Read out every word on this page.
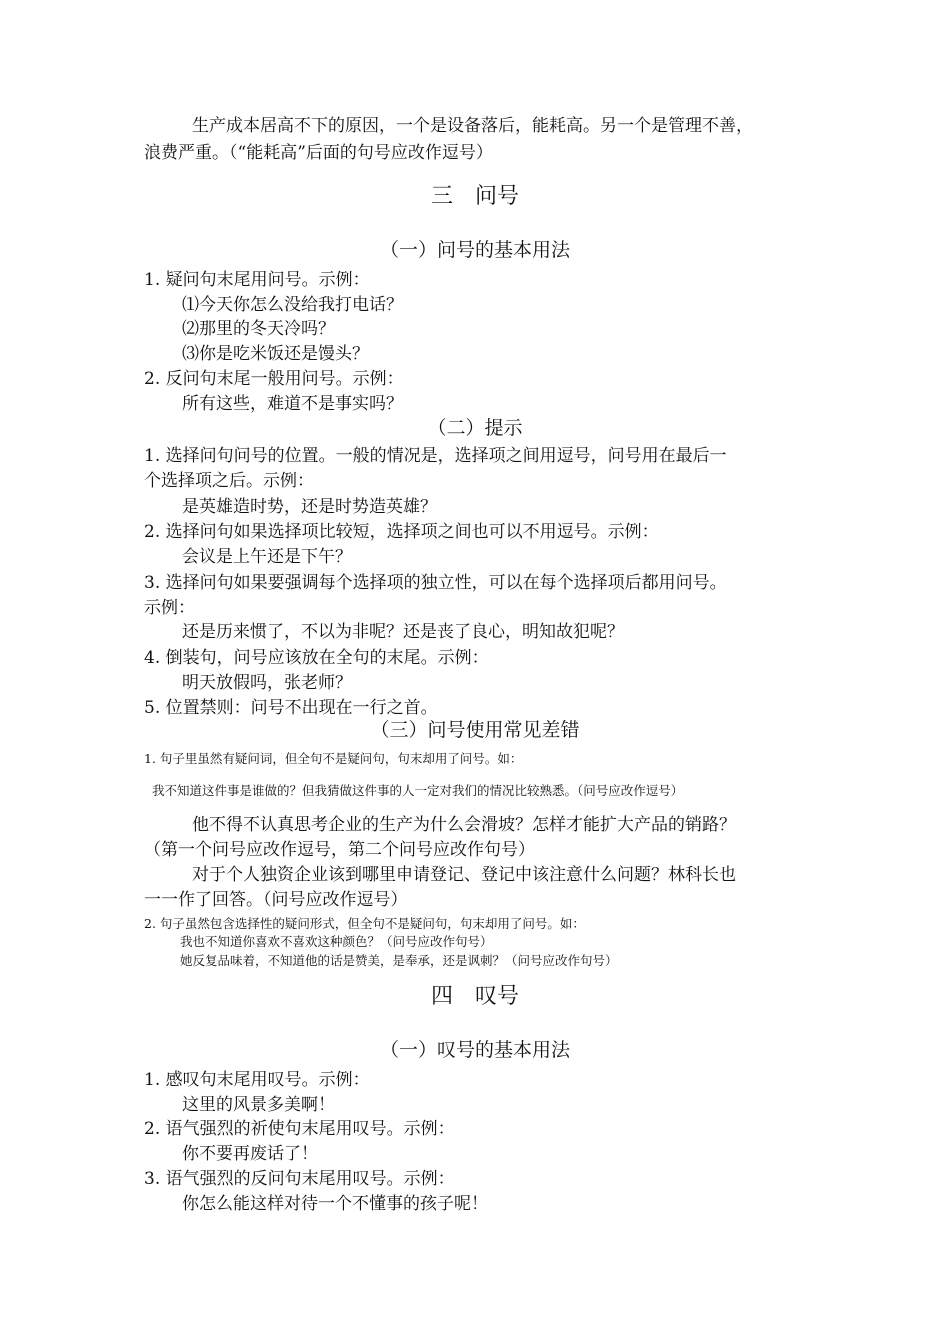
生产成本居高不下的原因，一个是设备落后，能耗高。另一个是管理不善，
浪费严重。（“能耗高”后面的句号应改作逗号）
三　问号
（一）问号的基本用法
1. 疑问句末尾用问号。示例：
⑴今天你怎么没给我打电话？
⑵那里的冬天冷吗？
⑶你是吃米饭还是馒头？
2. 反问句末尾一般用问号。示例：
所有这些，难道不是事实吗？
（二）提示
1. 选择问句问号的位置。一般的情况是，选择项之间用逗号，问号用在最后一
个选择项之后。示例：
是英雄造时势，还是时势造英雄？
2. 选择问句如果选择项比较短，选择项之间也可以不用逗号。示例：
会议是上午还是下午？
3. 选择问句如果要强调每个选择项的独立性，可以在每个选择项后都用问号。
示例：
还是历来惯了，不以为非呢？还是丧了良心，明知故犯呢？
4. 倒装句，问号应该放在全句的末尾。示例：
明天放假吗，张老师？
5. 位置禁则：问号不出现在一行之首。
（三）问号使用常见差错
1. 句子里虽然有疑问词，但全句不是疑问句，句末却用了问号。如：
我不知道这件事是谁做的？但我猜做这件事的人一定对我们的情况比较熟悉。（问号应改作逗号）
他不得不认真思考企业的生产为什么会滑坡？怎样才能扩大产品的销路？
（第一个问号应改作逗号，第二个问号应改作句号）
对于个人独资企业该到哪里申请登记、登记中该注意什么问题？林科长也
一一作了回答。（问号应改作逗号）
2. 句子虽然包含选择性的疑问形式，但全句不是疑问句，句末却用了问号。如：
我也不知道你喜欢不喜欢这种颜色？（问号应改作句号）
她反复品味着，不知道他的话是赞美，是奉承，还是讽刺？（问号应改作句号）
四　叹号
（一）叹号的基本用法
1. 感叹句末尾用叹号。示例：
这里的风景多美啊！
2. 语气强烈的祈使句末尾用叹号。示例：
你不要再废话了！
3. 语气强烈的反问句末尾用叹号。示例：
你怎么能这样对待一个不懂事的孩子呢！
